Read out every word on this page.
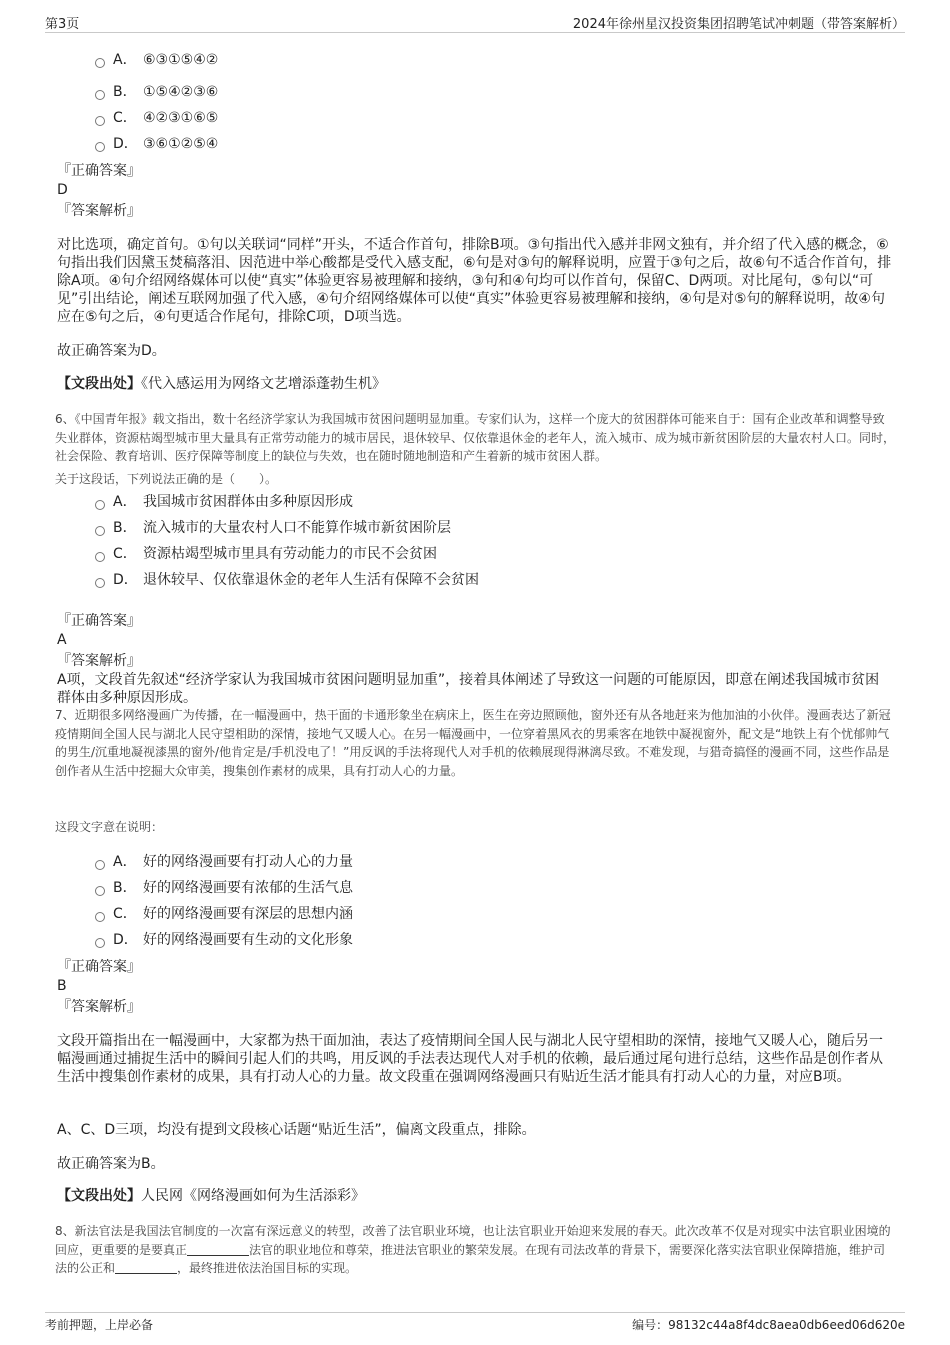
第3页	2024年徐州星汉投资集团招聘笔试冲刺题（带答案解析）
A． ⑥③①⑤④②
B． ①⑤④②③⑥
C． ④②③①⑥⑤
D． ③⑥①②⑤④
『正确答案』
D
『答案解析』
对比选项，确定首句。①句以关联词“同样”开头，不适合作首句，排除B项。③句指出代入感并非网文独有，并介绍了代入感的概念，⑥句指出我们因黛玉焚稿落泪、因范进中举心酸都是受代入感支配，⑥句是对③句的解释说明，应置于③句之后，故⑥句不适合作首句，排除A项。④句介绍网络媒体可以使“真实”体验更容易被理解和接纳，③句和④句均可以作首句，保留C、D两项。对比尾句，⑤句以“可见”引出结论，阐述互联网加强了代入感，④句介绍网络媒体可以使“真实”体验更容易被理解和接纳，④句是对⑤句的解释说明，故④句应在⑤句之后，④句更适合作尾句，排除C项，D项当选。
故正确答案为D。
【文段出处】《代入感运用为网络文艺增添蓬勃生机》
6、《中国青年报》载文指出，数十名经济学家认为我国城市贫困问题明显加重。专家们认为，这样一个庞大的贫困群体可能来自于：国有企业改革和调整导致失业群体，资源枯竭型城市里大量具有正常劳动能力的城市居民，退休较早、仅依靠退休金的老年人，流入城市、成为城市新贫困阶层的大量农村人口。同时，社会保险、教育培训、医疗保障等制度上的缺位与失效，也在随时随地制造和产生着新的城市贫困人群。
关于这段话，下列说法正确的是（　　）。
A． 我国城市贫困群体由多种原因形成
B． 流入城市的大量农村人口不能算作城市新贫困阶层
C． 资源枯竭型城市里具有劳动能力的市民不会贫困
D． 退休较早、仅依靠退休金的老年人生活有保障不会贫困
『正确答案』
A
『答案解析』
A项，文段首先叙述“经济学家认为我国城市贫困问题明显加重”，接着具体阐述了导致这一问题的可能原因，即意在阐述我国城市贫困群体由多种原因形成。
7、近期很多网络漫画广为传播，在一幅漫画中，热干面的卡通形象坐在病床上，医生在旁边照顾他，窗外还有从各地赶来为他加油的小伙伴。漫画表达了新冠疫情期间全国人民与湖北人民守望相助的深情，接地气又暖人心。在另一幅漫画中，一位穿着黑风衣的男乘客在地铁中凝视窗外，配文是“地铁上有个忧郁帅气的男生/沉重地凝视漆黑的窗外/他肯定是/手机没电了！”用反讽的手法将现代人对手机的依赖展现得淋漓尽致。不难发现，与猎奇搞怪的漫画不同，这些作品是创作者从生活中挖掘大众审美，搜集创作素材的成果，具有打动人心的力量。
这段文字意在说明：
A． 好的网络漫画要有打动人心的力量
B． 好的网络漫画要有浓郁的生活气息
C． 好的网络漫画要有深层的思想内涵
D． 好的网络漫画要有生动的文化形象
『正确答案』
B
『答案解析』
文段开篇指出在一幅漫画中，大家都为热干面加油，表达了疫情期间全国人民与湖北人民守望相助的深情，接地气又暖人心，随后另一幅漫画通过捕捉生活中的瞬间引起人们的共鸣，用反讽的手法表达现代人对手机的依赖，最后通过尾句进行总结，这些作品是创作者从生活中搜集创作素材的成果，具有打动人心的力量。故文段重在强调网络漫画只有贴近生活才能具有打动人心的力量，对应B项。
A、C、D三项，均没有提到文段核心话题“贴近生活”，偏离文段重点，排除。
故正确答案为B。
【文段出处】人民网《网络漫画如何为生活添彩》
8、新法官法是我国法官制度的一次富有深远意义的转型，改善了法官职业环境，也让法官职业开始迎来发展的春天。此次改革不仅是对现实中法官职业困境的回应，更重要的是要真正	法官的职业地位和尊荣，推进法官职业的繁荣发展。在现有司法改革的背景下，需要深化落实法官职业保障措施，维护司法的公正和	，最终推进依法治国目标的实现。
考前押题，上岸必备	编号：98132c44a8f4dc8aea0db6eed06d620e
